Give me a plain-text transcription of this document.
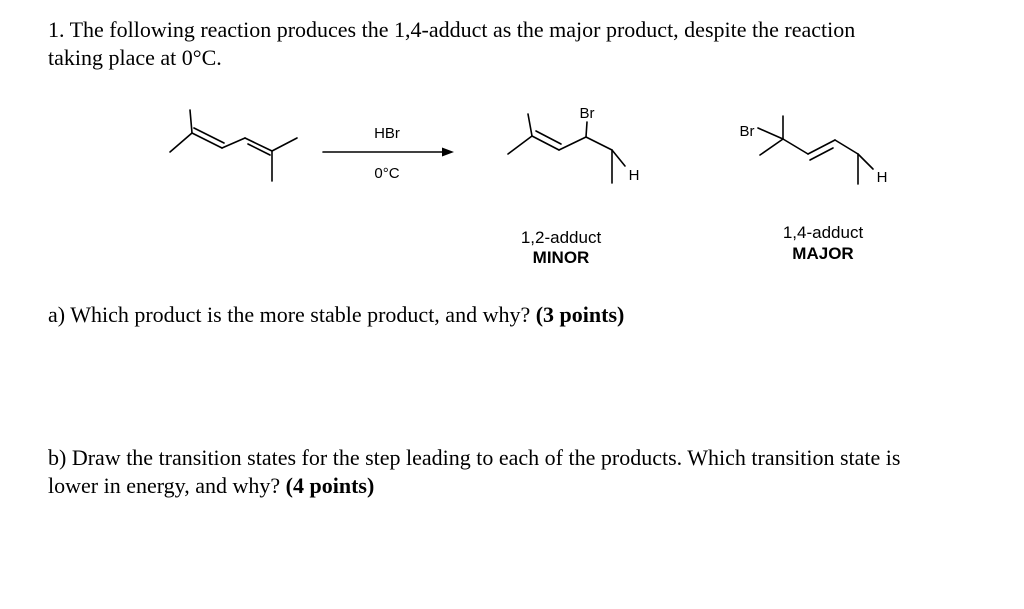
1. The following reaction produces the 1,4-adduct as the major product, despite the reaction
taking place at 0°C.
HBr
0°C
Br
H
1,2-adduct
MINOR
Br
H
1,4-adduct
MAJOR
a) Which product is the more stable product, and why? (3 points)
b) Draw the transition states for the step leading to each of the products. Which transition state is
lower in energy, and why? (4 points)
